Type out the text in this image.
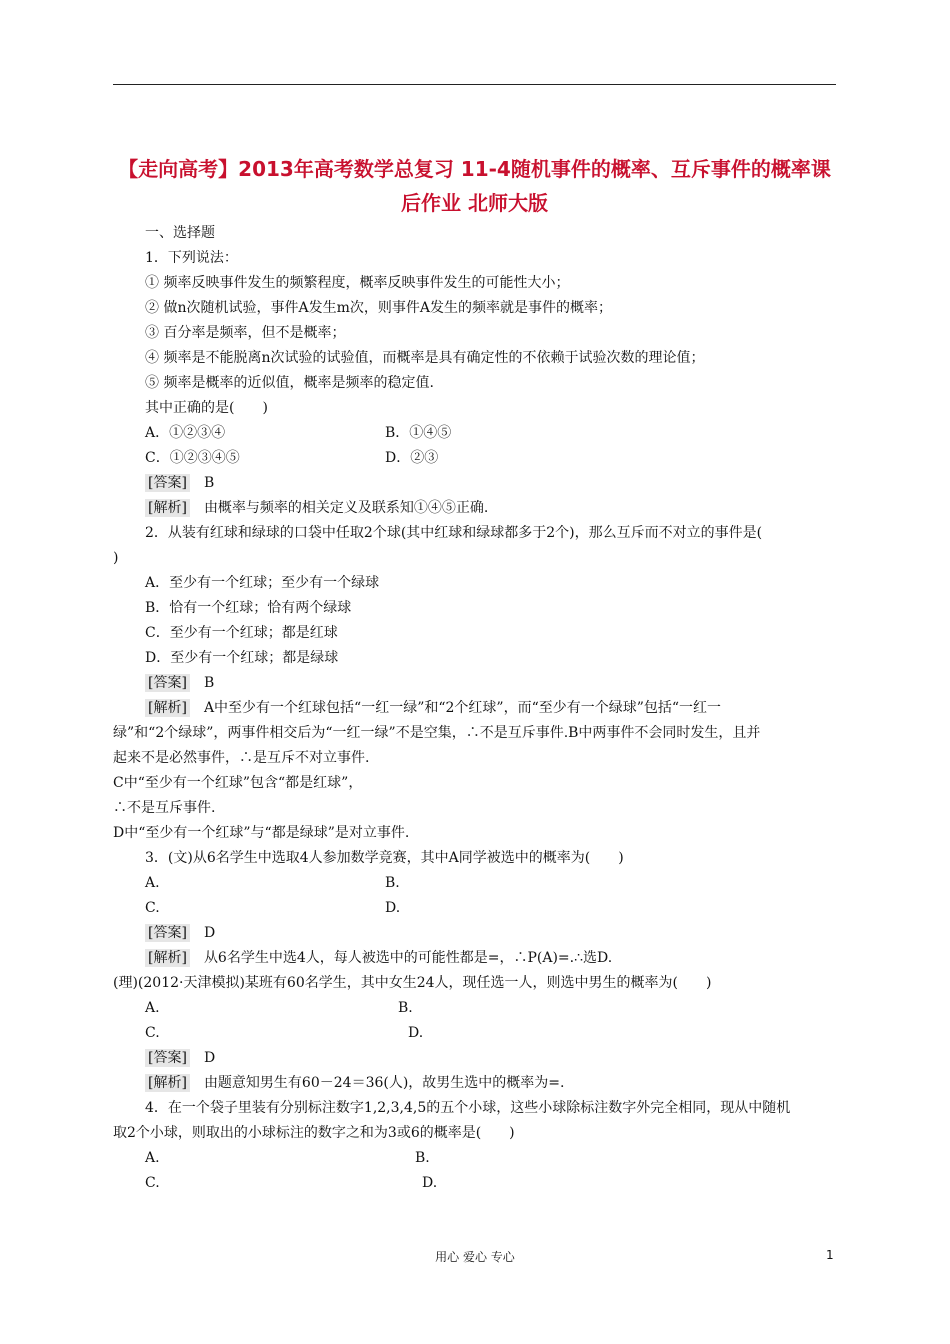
【走向高考】2013年高考数学总复习 11-4随机事件的概率、互斥事件的概率课
后作业 北师大版
一、选择题
1．下列说法：
① 频率反映事件发生的频繁程度，概率反映事件发生的可能性大小；
② 做n次随机试验，事件A发生m次，则事件A发生的频率就是事件的概率；
③ 百分率是频率，但不是概率；
④ 频率是不能脱离n次试验的试验值，而概率是具有确定性的不依赖于试验次数的理论值；
⑤ 频率是概率的近似值，概率是频率的稳定值.
其中正确的是(　　)
A．①②③④	B．①④⑤
C．①②③④⑤	D．②③
[答案]　 B
[解析]　 由概率与频率的相关定义及联系知①④⑤正确.
2．从装有红球和绿球的口袋中任取2个球(其中红球和绿球都多于2个)，那么互斥而不对立的事件是(
)
A．至少有一个红球；至少有一个绿球
B．恰有一个红球；恰有两个绿球
C．至少有一个红球；都是红球
D．至少有一个红球；都是绿球
[答案]　 B
[解析]　 A中至少有一个红球包括“一红一绿”和“2个红球”，而“至少有一个绿球”包括“一红一
绿”和“2个绿球”，两事件相交后为“一红一绿”不是空集，∴不是互斥事件.B中两事件不会同时发生，且并
起来不是必然事件，∴是互斥不对立事件.
C中“至少有一个红球”包含“都是红球”，
∴不是互斥事件.
D中“至少有一个红球”与“都是绿球”是对立事件.
3．(文)从6名学生中选取4人参加数学竞赛，其中A同学被选中的概率为(　　)
A.	B.
C.	D.
[答案]　 D
[解析]　 从6名学生中选4人，每人被选中的可能性都是=，∴P(A)=.∴选D.
(理)(2012·天津模拟)某班有60名学生，其中女生24人，现任选一人，则选中男生的概率为(　　)
A.	B.
C.	D.
[答案]　 D
[解析]　 由题意知男生有60－24＝36(人)，故男生选中的概率为=.
4．在一个袋子里装有分别标注数字1,2,3,4,5的五个小球，这些小球除标注数字外完全相同，现从中随机
取2个小球，则取出的小球标注的数字之和为3或6的概率是(　　)
A.	B.
C.	D.
用心 爱心 专心	1
